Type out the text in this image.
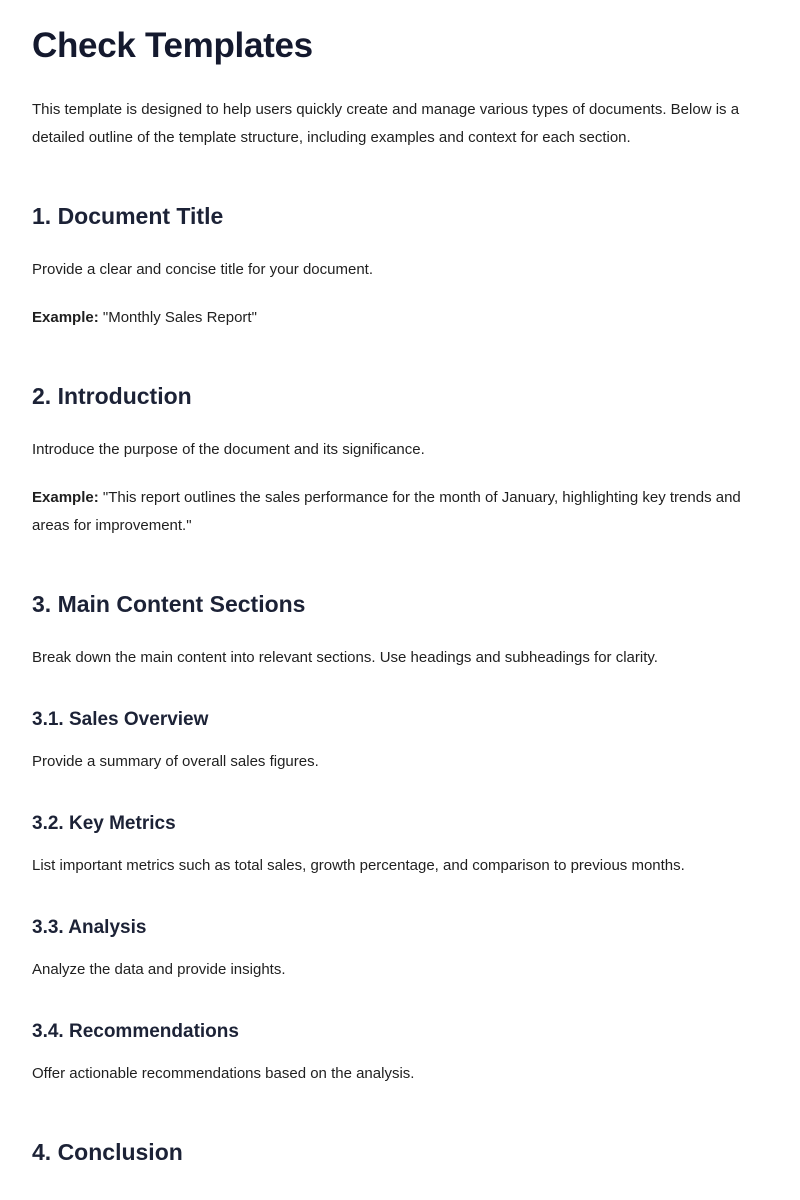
Check Templates

This template is designed to help users quickly create and manage various types of documents. Below is a detailed outline of the template structure, including examples and context for each section.

1. Document Title

Provide a clear and concise title for your document.

Example: "Monthly Sales Report"

2. Introduction

Introduce the purpose of the document and its significance.

Example: "This report outlines the sales performance for the month of January, highlighting key trends and areas for improvement."

3. Main Content Sections

Break down the main content into relevant sections. Use headings and subheadings for clarity.

3.1. Sales Overview

Provide a summary of overall sales figures.

3.2. Key Metrics

List important metrics such as total sales, growth percentage, and comparison to previous months.

3.3. Analysis

Analyze the data and provide insights.

3.4. Recommendations

Offer actionable recommendations based on the analysis.

4. Conclusion
